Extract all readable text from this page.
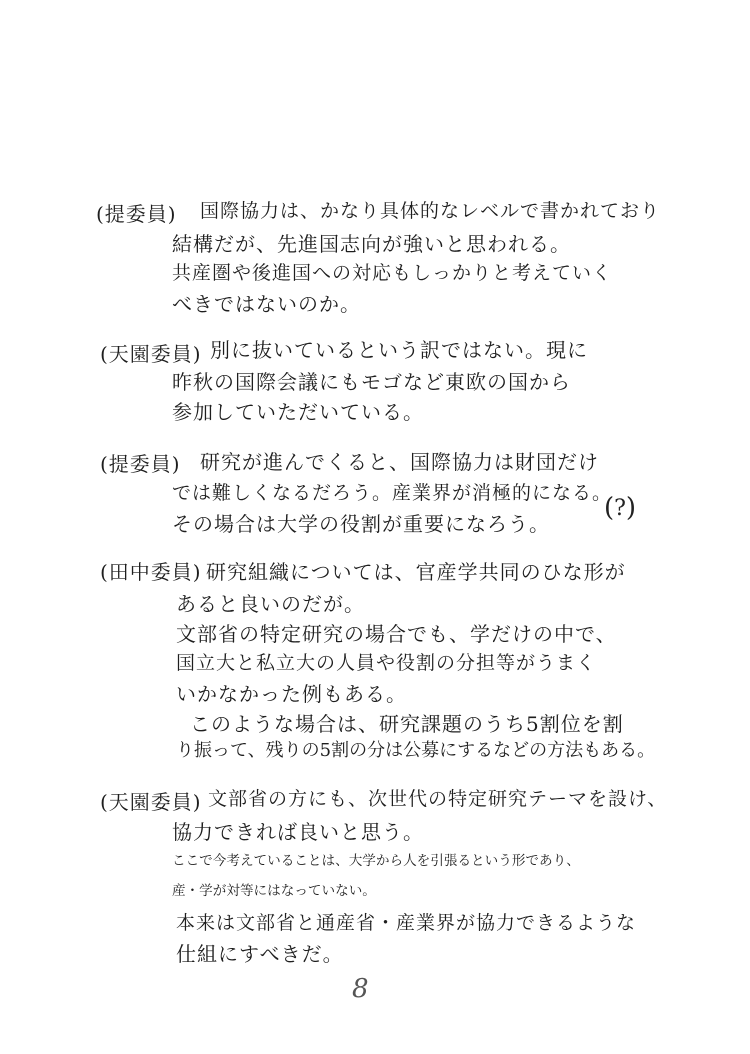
(提委員) 国際協力は、かなり具体的なレベルで書かれており
結構だが、先進国志向が強いと思われる。
共産圏や後進国への対応もしっかりと考えていく
べきではないのか。
(天園委員) 別に抜いているという訳ではない。現に
昨秋の国際会議にもモゴなど東欧の国から
参加していただいている。
(提委員) 研究が進んでくると、国際協力は財団だけ
では難しくなるだろう。産業界が消極的になる。
その場合は大学の役割が重要になろう。
( ? )
(田中委員) 研究組織については、官産学共同のひな形が
あると良いのだが。
文部省の特定研究の場合でも、学だけの中で、
国立大と私立大の人員や役割の分担等がうまく
いかなかった例もある。
このような場合は、研究課題のうち5割位を割
り振って、残りの5割の分は公募にするなどの方法もある。
(天園委員) 文部省の方にも、次世代の特定研究テーマを設け、
協力できれば良いと思う。
ここで今考えていることは、大学から人を引張るという形であり、産・学が対等にはなっていない。
本来は文部省と通産省・産業界が協力できるような
仕組にすべきだ。
8
